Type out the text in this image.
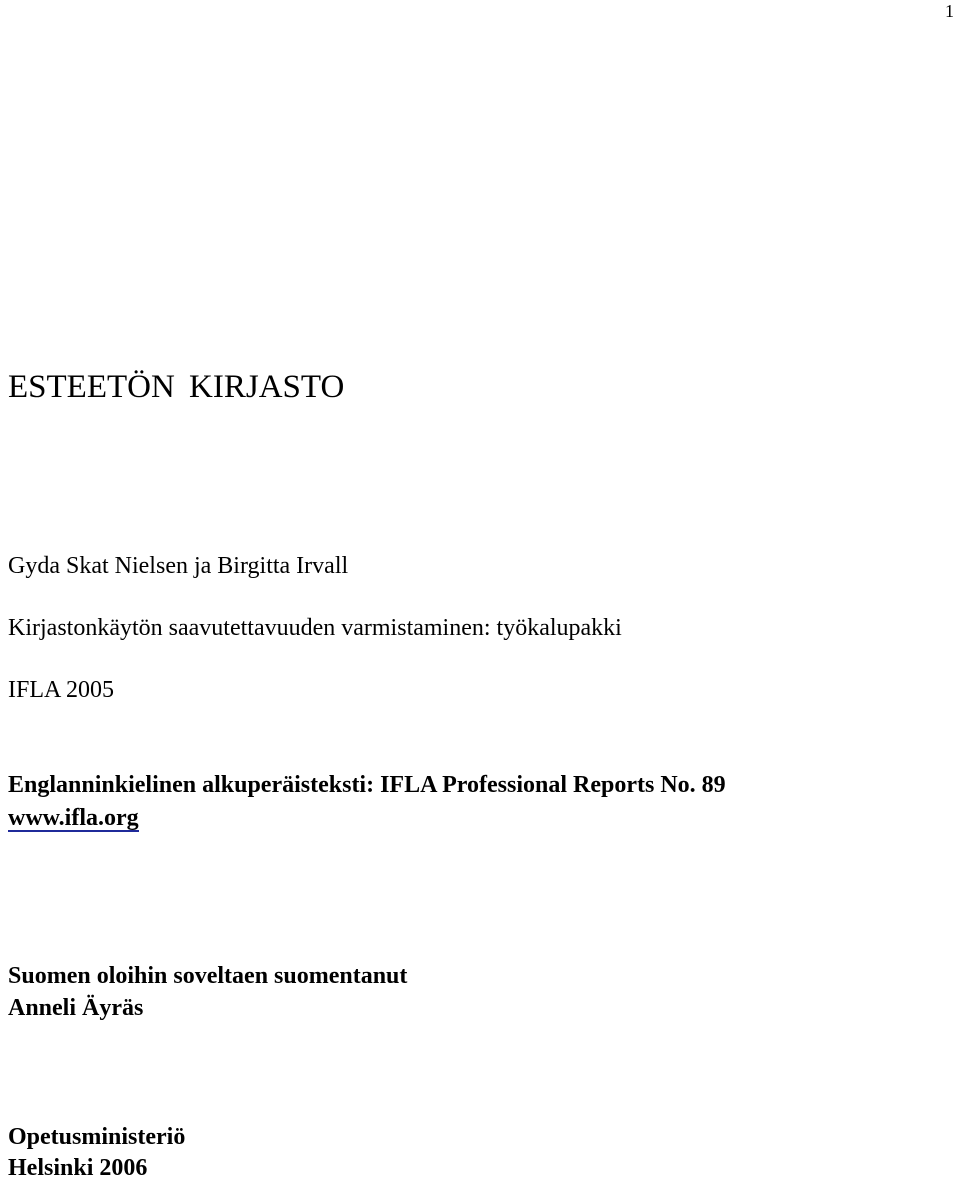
1
ESTEETÖN KIRJASTO

Gyda Skat Nielsen ja Birgitta Irvall

Kirjastonkäytön saavutettavuuden varmistaminen: työkalupakki

IFLA 2005

Englanninkielinen alkuperäisteksti: IFLA Professional Reports No. 89

www.ifla.org

Suomen oloihin soveltaen suomentanut

Anneli Äyräs

Opetusministeriö

Helsinki 2006
